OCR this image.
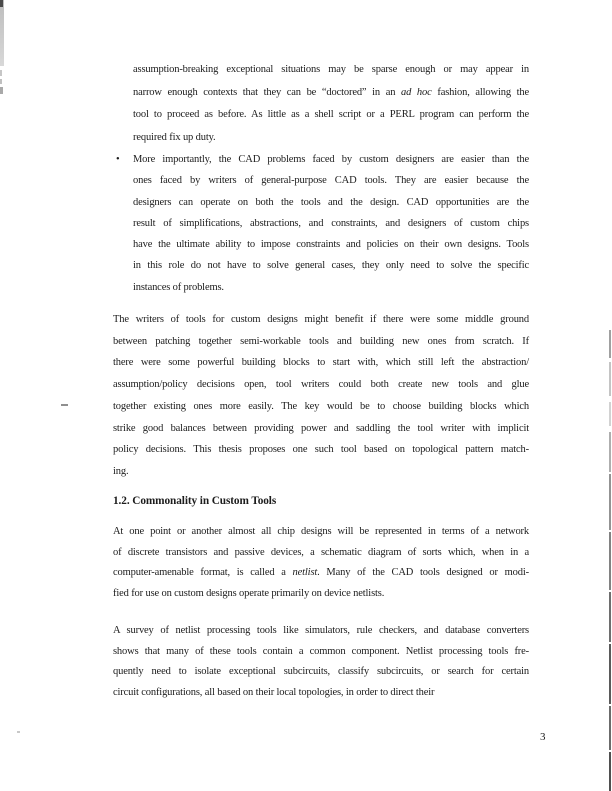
assumption-breaking exceptional situations may be sparse enough or may appear in
narrow enough contexts that they can be “doctored” in an ad hoc fashion, allowing the
tool to proceed as before. As little as a shell script or a PERL program can perform the
required fix up duty.
• More importantly, the CAD problems faced by custom designers are easier than the
ones faced by writers of general-purpose CAD tools. They are easier because the
designers can operate on both the tools and the design. CAD opportunities are the
result of simplifications, abstractions, and constraints, and designers of custom chips
have the ultimate ability to impose constraints and policies on their own designs. Tools
in this role do not have to solve general cases, they only need to solve the specific
instances of problems.
The writers of tools for custom designs might benefit if there were some middle ground
between patching together semi-workable tools and building new ones from scratch. If
there were some powerful building blocks to start with, which still left the abstraction/
assumption/policy decisions open, tool writers could both create new tools and glue
together existing ones more easily. The key would be to choose building blocks which
strike good balances between providing power and saddling the tool writer with implicit
policy decisions. This thesis proposes one such tool based on topological pattern match-
ing.
1.2. Commonality in Custom Tools
At one point or another almost all chip designs will be represented in terms of a network
of discrete transistors and passive devices, a schematic diagram of sorts which, when in a
computer-amenable format, is called a netlist. Many of the CAD tools designed or modi-
fied for use on custom designs operate primarily on device netlists.
A survey of netlist processing tools like simulators, rule checkers, and database converters
shows that many of these tools contain a common component. Netlist processing tools fre-
quently need to isolate exceptional subcircuits, classify subcircuits, or search for certain
circuit configurations, all based on their local topologies, in order to direct their
3
